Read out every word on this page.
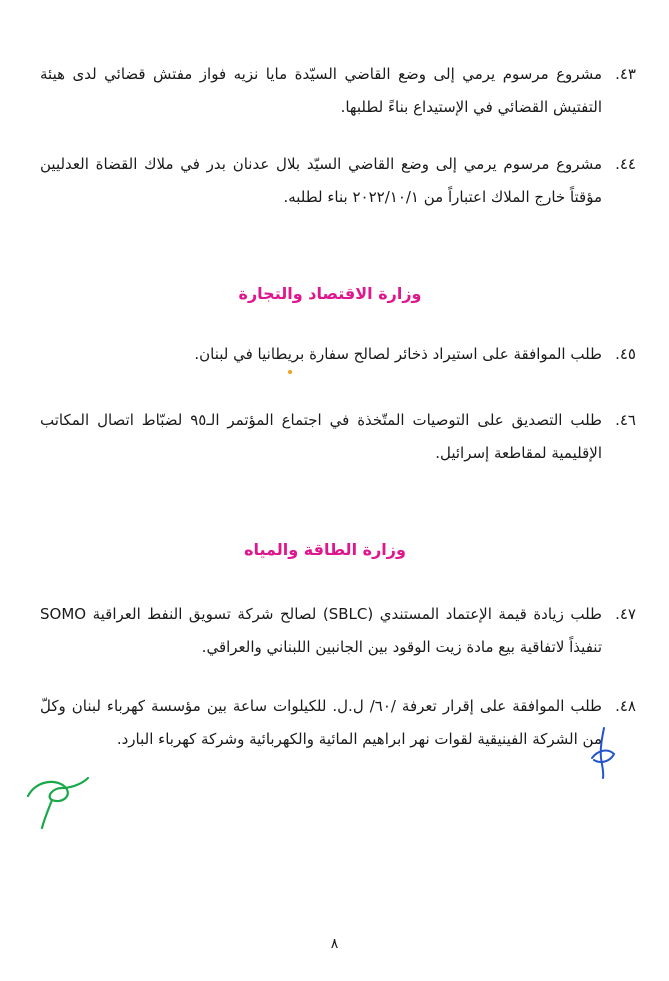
٤٣.
مشروع مرسوم يرمي إلى وضع القاضي السيّدة مايا نزيه فواز مفتش قضائي لدى هيئة التفتيش القضائي في الإستيداع بناءً لطلبها.
٤٤.
مشروع مرسوم يرمي إلى وضع القاضي السيّد بلال عدنان بدر في ملاك القضاة العدليين مؤقتاً خارج الملاك اعتباراً من ٢٠٢٢/١٠/١ بناء لطلبه.
وزارة الاقتصاد والتجارة
٤٥.
طلب الموافقة على استيراد ذخائر لصالح سفارة بريطانيا في لبنان.
٤٦.
طلب التصديق على التوصيات المتّخذة في اجتماع المؤتمر الـ٩٥ لضبّاط اتصال المكاتب الإقليمية لمقاطعة إسرائيل.
وزارة الطاقة والمياه
٤٧.
طلب زيادة قيمة الإعتماد المستندي (SBLC) لصالح شركة تسويق النفط العراقية SOMO تنفيذاً لاتفاقية بيع مادة زيت الوقود بين الجانبين اللبناني والعراقي.
٤٨.
طلب الموافقة على إقرار تعرفة /٦٠/ ل.ل. للكيلوات ساعة بين مؤسسة كهرباء لبنان وكلّ من الشركة الفينيقية لقوات نهر ابراهيم المائية والكهربائية وشركة كهرباء البارد.
٨
